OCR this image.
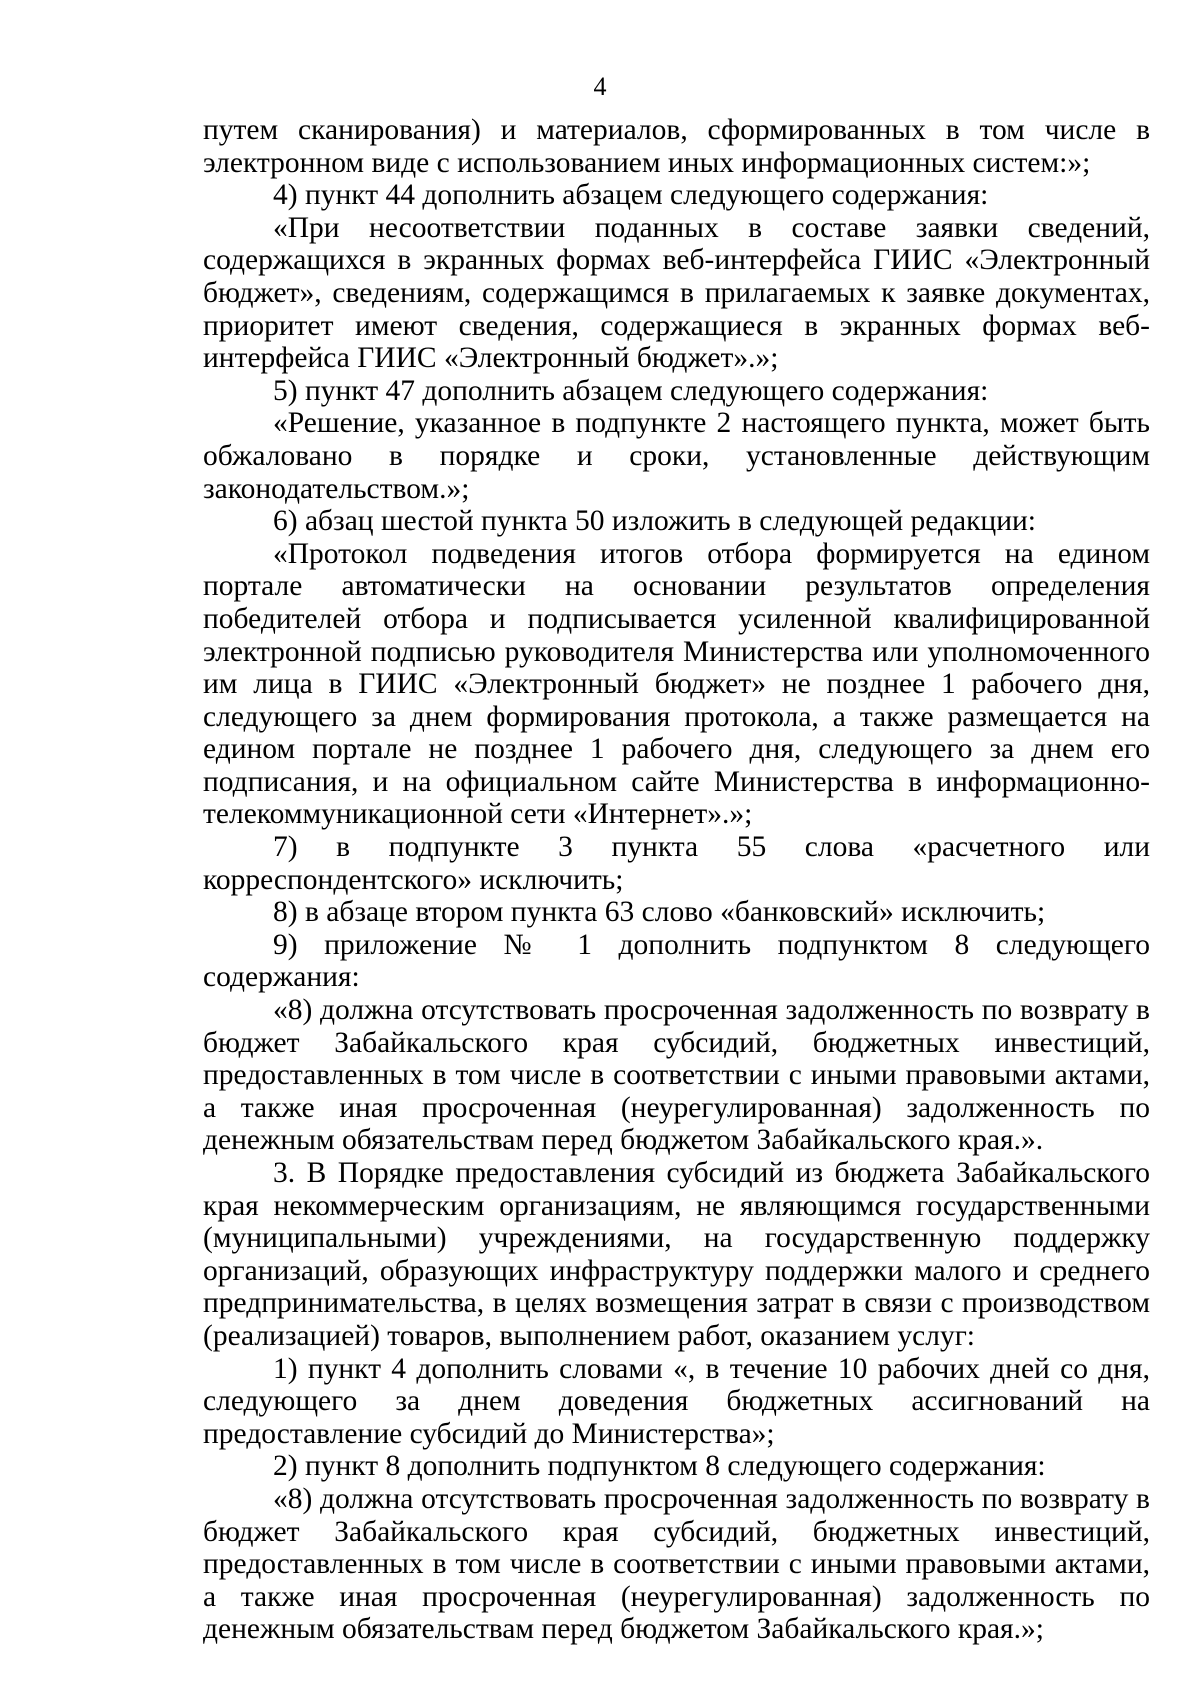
4

путем сканирования) и материалов, сформированных в том числе в электронном виде с использованием иных информационных систем:»;

4) пункт 44 дополнить абзацем следующего содержания:

«При несоответствии поданных в составе заявки сведений, содержащихся в экранных формах веб-интерфейса ГИИС «Электронный бюджет», сведениям, содержащимся в прилагаемых к заявке документах, приоритет имеют сведения, содержащиеся в экранных формах веб-интерфейса ГИИС «Электронный бюджет».»;

5) пункт 47 дополнить абзацем следующего содержания:

«Решение, указанное в подпункте 2 настоящего пункта, может быть обжаловано в порядке и сроки, установленные действующим законодательством.»;

6) абзац шестой пункта 50 изложить в следующей редакции:

«Протокол подведения итогов отбора формируется на едином портале автоматически на основании результатов определения победителей отбора и подписывается усиленной квалифицированной электронной подписью руководителя Министерства или уполномоченного им лица в ГИИС «Электронный бюджет» не позднее 1 рабочего дня, следующего за днем формирования протокола, а также размещается на едином портале не позднее 1 рабочего дня, следующего за днем его подписания, и на официальном сайте Министерства в информационно-телекоммуникационной сети «Интернет».»;

7) в подпункте 3 пункта 55 слова «расчетного или корреспондентского» исключить;

8) в абзаце втором пункта 63 слово «банковский» исключить;

9) приложение № 1 дополнить подпунктом 8 следующего содержания:

«8) должна отсутствовать просроченная задолженность по возврату в бюджет Забайкальского края субсидий, бюджетных инвестиций, предоставленных в том числе в соответствии с иными правовыми актами, а также иная просроченная (неурегулированная) задолженность по денежным обязательствам перед бюджетом Забайкальского края.».

3. В Порядке предоставления субсидий из бюджета Забайкальского края некоммерческим организациям, не являющимся государственными (муниципальными) учреждениями, на государственную поддержку организаций, образующих инфраструктуру поддержки малого и среднего предпринимательства, в целях возмещения затрат в связи с производством (реализацией) товаров, выполнением работ, оказанием услуг:

1) пункт 4 дополнить словами «, в течение 10 рабочих дней со дня, следующего за днем доведения бюджетных ассигнований на предоставление субсидий до Министерства»;

2) пункт 8 дополнить подпунктом 8 следующего содержания:

«8) должна отсутствовать просроченная задолженность по возврату в бюджет Забайкальского края субсидий, бюджетных инвестиций, предоставленных в том числе в соответствии с иными правовыми актами, а также иная просроченная (неурегулированная) задолженность по денежным обязательствам перед бюджетом Забайкальского края.»;
